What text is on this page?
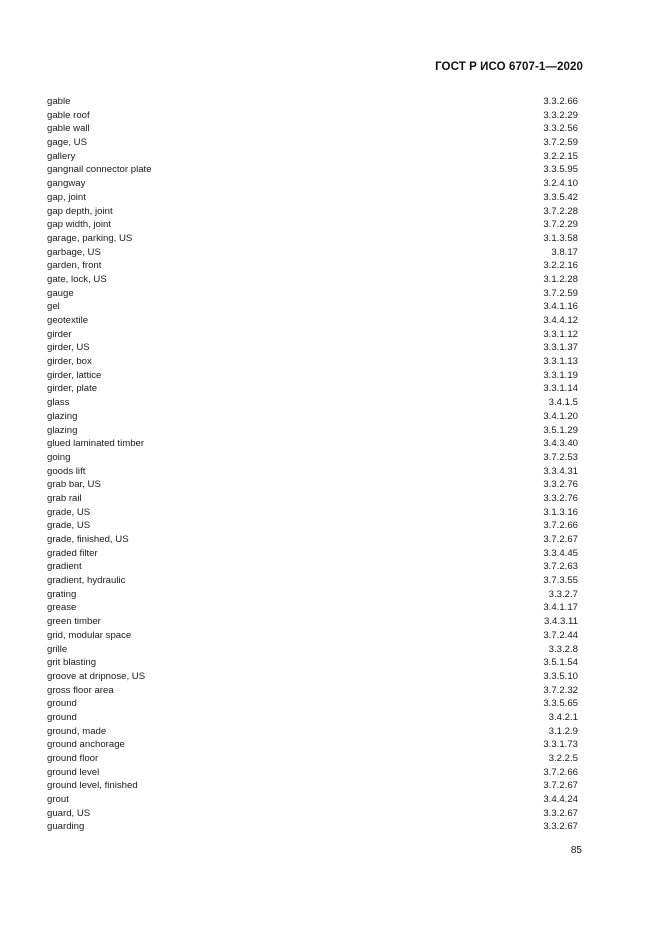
ГОСТ Р ИСО 6707-1—2020
gable	3.3.2.66
gable roof	3.3.2.29
gable wall	3.3.2.56
gage, US	3.7.2.59
gallery	3.2.2.15
gangnail connector plate	3.3.5.95
gangway	3.2.4.10
gap, joint	3.3.5.42
gap depth, joint	3.7.2.28
gap width, joint	3.7.2.29
garage, parking, US	3.1.3.58
garbage, US	3.8.17
garden, front	3.2.2.16
gate, lock, US	3.1.2.28
gauge	3.7.2.59
gel	3.4.1.16
geotextile	3.4.4.12
girder	3.3.1.12
girder, US	3.3.1.37
girder, box	3.3.1.13
girder, lattice	3.3.1.19
girder, plate	3.3.1.14
glass	3.4.1.5
glazing	3.4.1.20
glazing	3.5.1.29
glued laminated timber	3.4.3.40
going	3.7.2.53
goods lift	3.3.4.31
grab bar, US	3.3.2.76
grab rail	3.3.2.76
grade, US	3.1.3.16
grade, US	3.7.2.66
grade, finished, US	3.7.2.67
graded filter	3.3.4.45
gradient	3.7.2.63
gradient, hydraulic	3.7.3.55
grating	3.3.2.7
grease	3.4.1.17
green timber	3.4.3.11
grid, modular space	3.7.2.44
grille	3.3.2.8
grit blasting	3.5.1.54
groove at dripnose, US	3.3.5.10
gross floor area	3.7.2.32
ground	3.3.5.65
ground	3.4.2.1
ground, made	3.1.2.9
ground anchorage	3.3.1.73
ground floor	3.2.2.5
ground level	3.7.2.66
ground level, finished	3.7.2.67
grout	3.4.4.24
guard, US	3.3.2.67
guarding	3.3.2.67
85
